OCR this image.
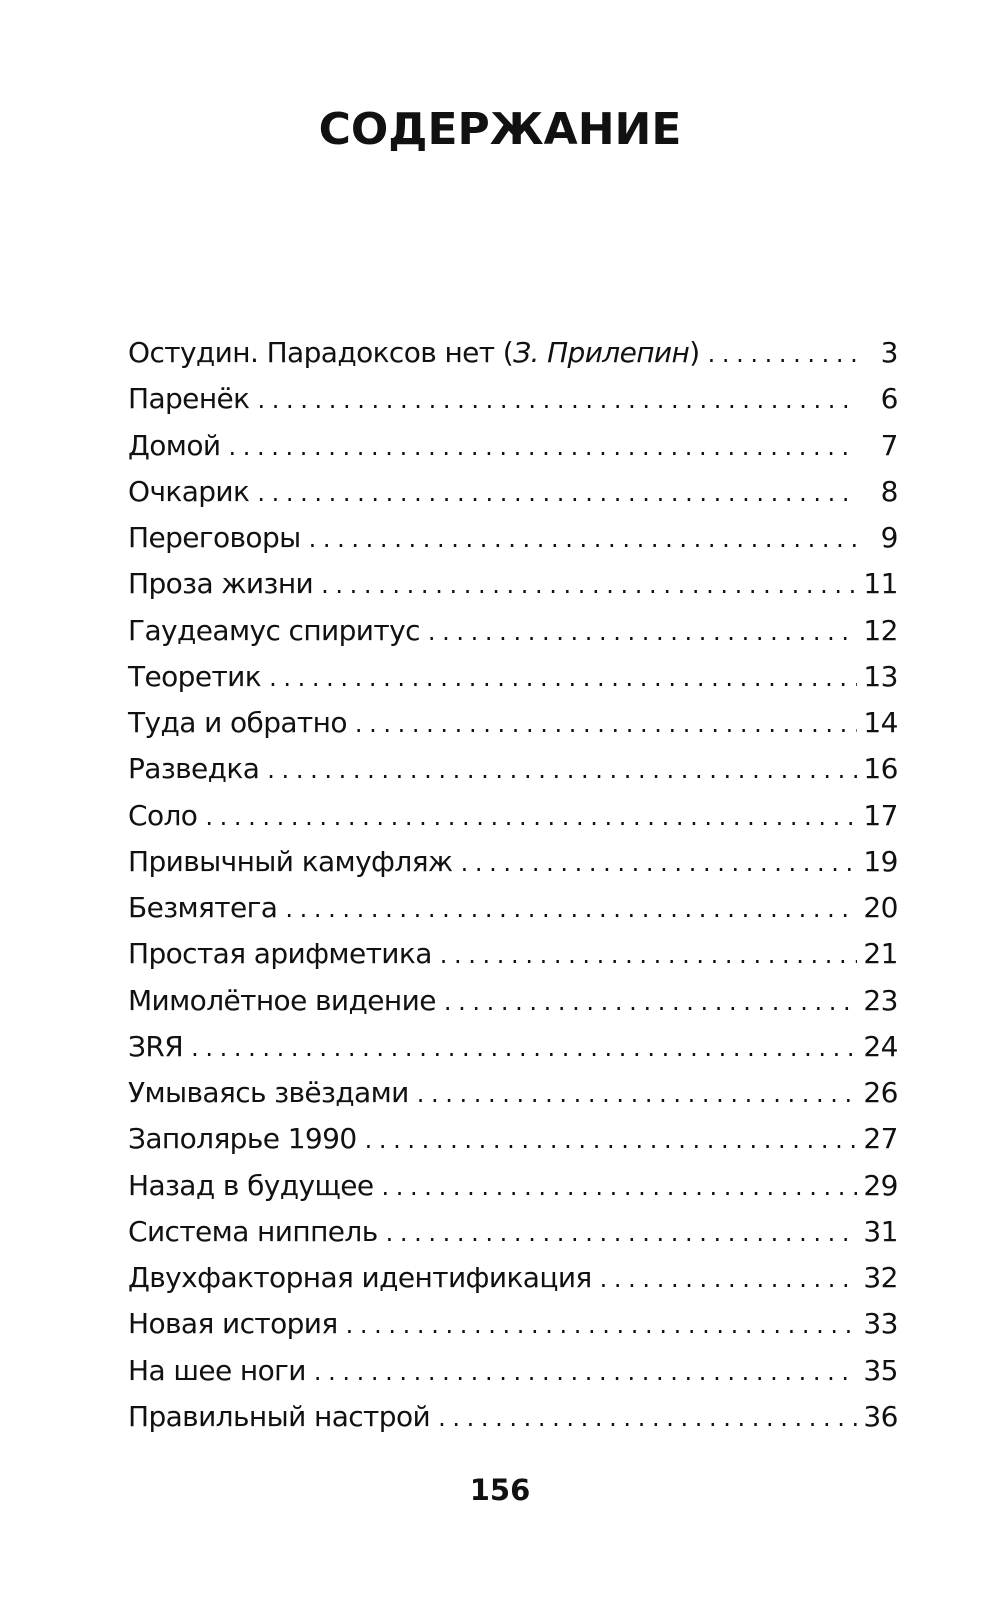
СОДЕРЖАНИЕ
Остудин. Парадоксов нет (З. Прилепин) . . .	3
Паренёк . . .	6
Домой . . .	7
Очкарик . . .	8
Переговоры . . .	9
Проза жизни . . .	11
Гаудеамус спиритус . . .	12
Теоретик . . .	13
Туда и обратно . . .	14
Разведка . . .	16
Соло . . .	17
Привычный камуфляж . . .	19
Безмятега . . .	20
Простая арифметика . . .	21
Мимолётное видение . . .	23
ЗRЯ . . .	24
Умываясь звёздами . . .	26
Заполярье 1990 . . .	27
Назад в будущее . . .	29
Система ниппель . . .	31
Двухфакторная идентификация . . .	32
Новая история . . .	33
На шее ноги . . .	35
Правильный настрой . . .	36
156
